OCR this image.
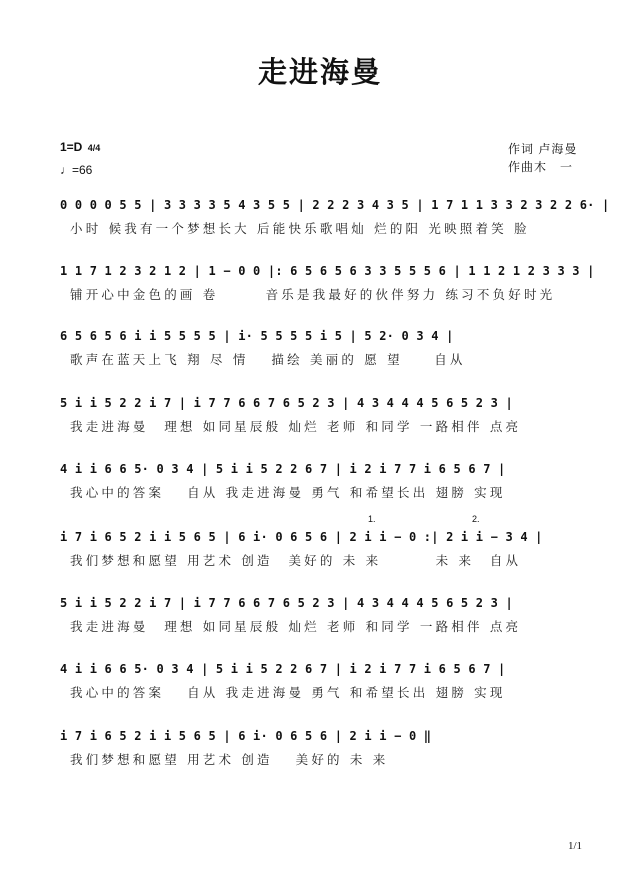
走进海曼
1=D 4/4
♩=66
作词 卢海曼
作曲木　一
0 0 0 0 5 5 | 3 3 3 3 5 4 3 5 5 | 2 2 2 3 4 3 5 | 1 7 1 1 3 3 2 3 2 2 6· |
小时 候我有一个梦想长大 后能快乐歌唱灿 烂的阳 光映照着笑 脸
1 1 7 1 2 3 2 1 2 | 1 − 0 0 |: 6 5 6 5 6 3 3 5 5 5 6 | 1 1 2 1 2 3 3 3 |
铺开心中金色的画 卷　　　音乐是我最好的伙伴努力 练习不负好时光
6 5 6 5 6 i i 5 5 5 5 | i· 5 5 5 5 i 5 | 5 2· 0 3 4 |
歌声在蓝天上飞 翔 尽 情　 描绘 美丽的 愿 望　　自从
5 i i 5 2 2 i 7 | i 7 7 6 6 7 6 5 2 3 | 4 3 4 4 4 5 6 5 2 3 |
我走进海曼　理想 如同星辰般 灿烂 老师 和同学 一路相伴 点亮
4 i i 6 6 5· 0 3 4 | 5 i i 5 2 2 6 7 | i 2 i 7 7 i 6 5 6 7 |
我心中的答案　 自从 我走进海曼 勇气 和希望长出 翅膀 实现
1.	2.
i 7 i 6 5 2 i i 5 6 5 | 6 i· 0 6 5 6 | 2 i i − 0 :| 2 i i − 3 4 |
我们梦想和愿望 用艺术 创造　美好的 未 来　　　 未 来　自从
5 i i 5 2 2 i 7 | i 7 7 6 6 7 6 5 2 3 | 4 3 4 4 4 5 6 5 2 3 |
我走进海曼　理想 如同星辰般 灿烂 老师 和同学 一路相伴 点亮
4 i i 6 6 5· 0 3 4 | 5 i i 5 2 2 6 7 | i 2 i 7 7 i 6 5 6 7 |
我心中的答案　 自从 我走进海曼 勇气 和希望长出 翅膀 实现
i 7 i 6 5 2 i i 5 6 5 | 6 i· 0 6 5 6 | 2 i i − 0 ‖
我们梦想和愿望 用艺术 创造　 美好的 未 来
1/1
